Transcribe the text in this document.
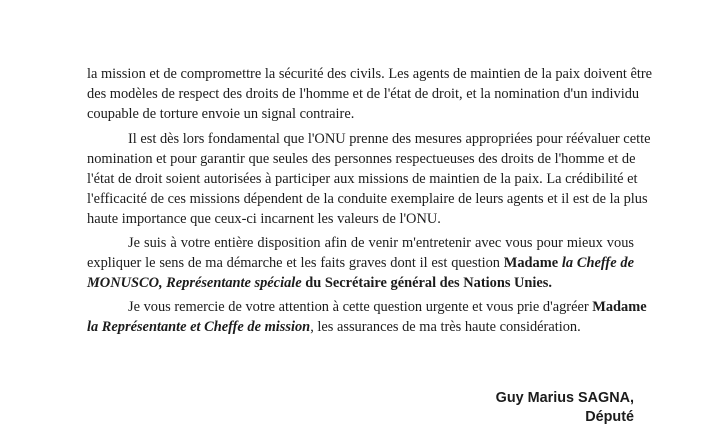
la mission et de compromettre la sécurité des civils. Les agents de maintien de la paix doivent être
des modèles de respect des droits de l'homme et de l'état de droit, et la nomination d'un individu
coupable de torture envoie un signal contraire.
Il est dès lors fondamental que l'ONU prenne des mesures appropriées pour réévaluer cette
nomination et pour garantir que seules des personnes respectueuses des droits de l'homme et de
l'état de droit soient autorisées à participer aux missions de maintien de la paix. La crédibilité et
l'efficacité de ces missions dépendent de la conduite exemplaire de leurs agents et il est de la plus
haute importance que ceux-ci incarnent les valeurs de l'ONU.
Je suis à votre entière disposition afin de venir m'entretenir avec vous pour mieux vous
expliquer le sens de ma démarche et les faits graves dont il est question Madame la Cheffe de
MONUSCO, Représentante spéciale du Secrétaire général des Nations Unies.
Je vous remercie de votre attention à cette question urgente et vous prie d'agréer Madame
la Représentante et Cheffe de mission, les assurances de ma très haute considération.
Guy Marius SAGNA,
Député
